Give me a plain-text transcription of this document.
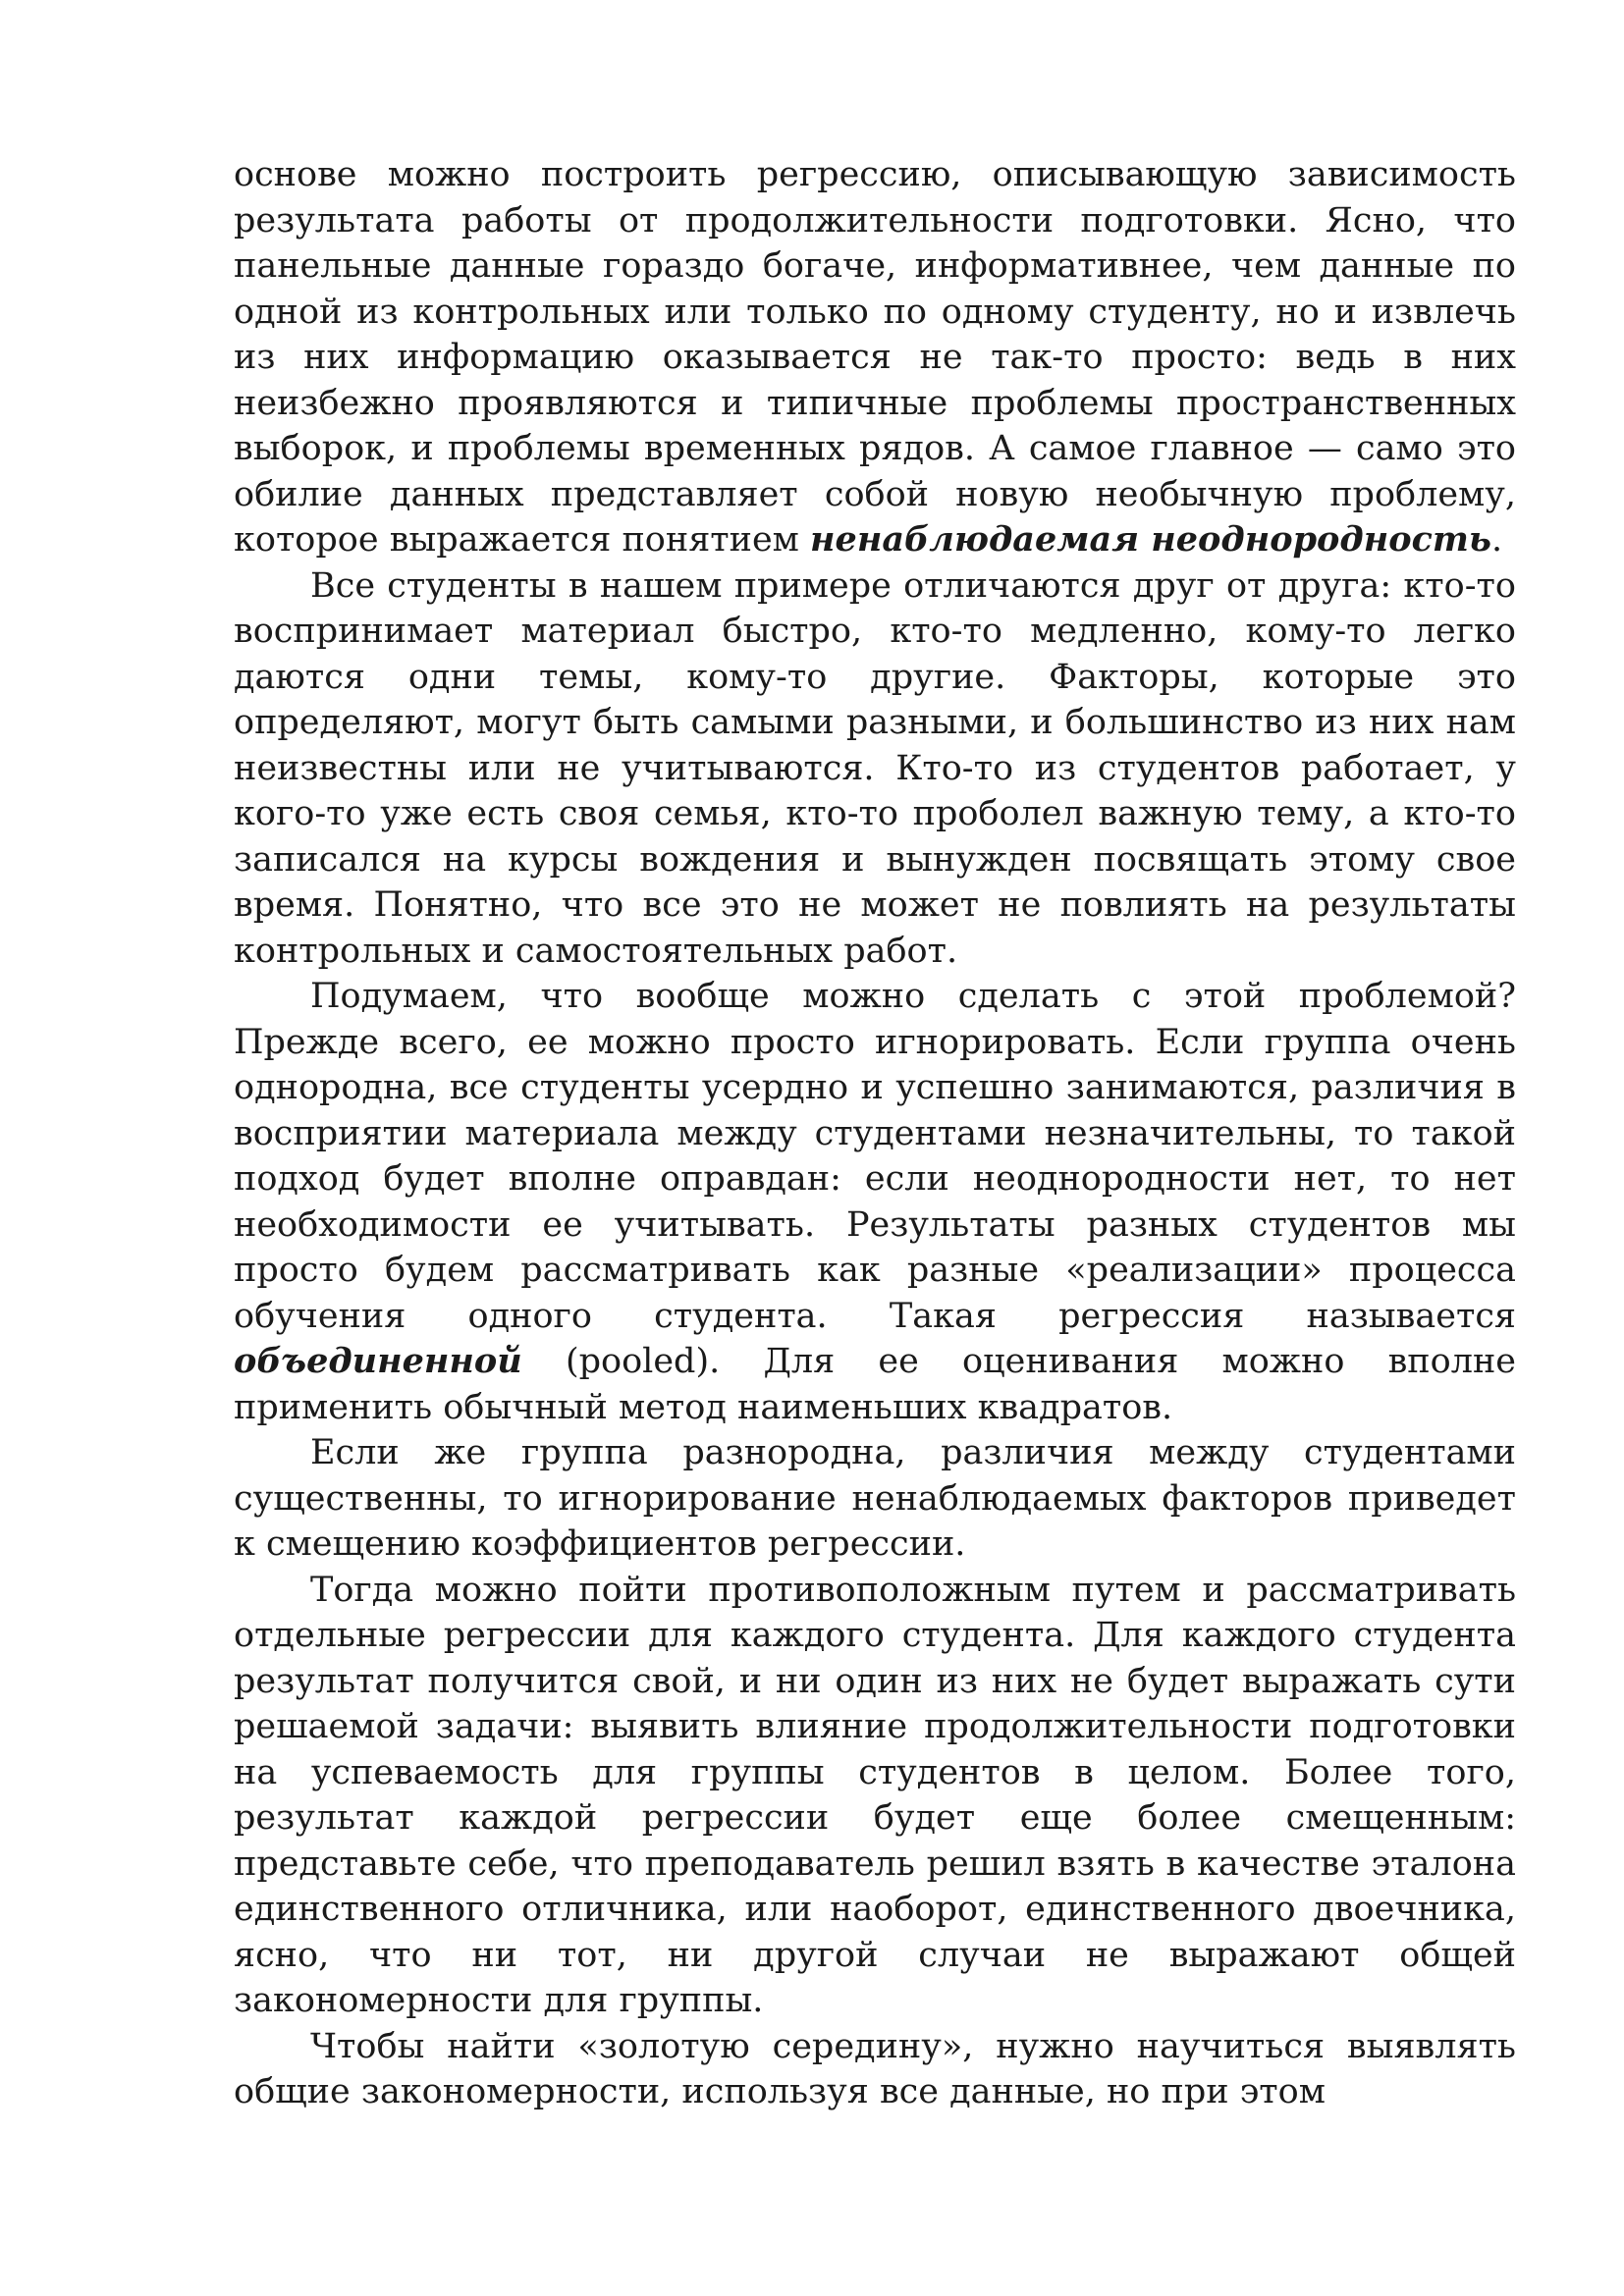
основе можно построить регрессию, описывающую зависимость результата работы от продолжительности подготовки. Ясно, что панельные данные гораздо богаче, информативнее, чем данные по одной из контрольных или только по одному студенту, но и извлечь из них информацию оказывается не так-то просто: ведь в них неизбежно проявляются и типичные проблемы пространственных выборок, и проблемы временных рядов. А самое главное — само это обилие данных представляет собой новую необычную проблему, которое выражается понятием ненаблюдаемая неоднородность.

Все студенты в нашем примере отличаются друг от друга: кто-то воспринимает материал быстро, кто-то медленно, кому-то легко даются одни темы, кому-то другие. Факторы, которые это определяют, могут быть самыми разными, и большинство из них нам неизвестны или не учитываются. Кто-то из студентов работает, у кого-то уже есть своя семья, кто-то проболел важную тему, а кто-то записался на курсы вождения и вынужден посвящать этому свое время. Понятно, что все это не может не повлиять на результаты контрольных и самостоятельных работ.

Подумаем, что вообще можно сделать с этой проблемой? Прежде всего, ее можно просто игнорировать. Если группа очень однородна, все студенты усердно и успешно занимаются, различия в восприятии материала между студентами незначительны, то такой подход будет вполне оправдан: если неоднородности нет, то нет необходимости ее учитывать. Результаты разных студентов мы просто будем рассматривать как разные «реализации» процесса обучения одного студента. Такая регрессия называется объединенной (pooled). Для ее оценивания можно вполне применить обычный метод наименьших квадратов.

Если же группа разнородна, различия между студентами существенны, то игнорирование ненаблюдаемых факторов приведет к смещению коэффициентов регрессии.

Тогда можно пойти противоположным путем и рассматривать отдельные регрессии для каждого студента. Для каждого студента результат получится свой, и ни один из них не будет выражать сути решаемой задачи: выявить влияние продолжительности подготовки на успеваемость для группы студентов в целом. Более того, результат каждой регрессии будет еще более смещенным: представьте себе, что преподаватель решил взять в качестве эталона единственного отличника, или наоборот, единственного двоечника, ясно, что ни тот, ни другой случаи не выражают общей закономерности для группы.

Чтобы найти «золотую середину», нужно научиться выявлять общие закономерности, используя все данные, но при этом
